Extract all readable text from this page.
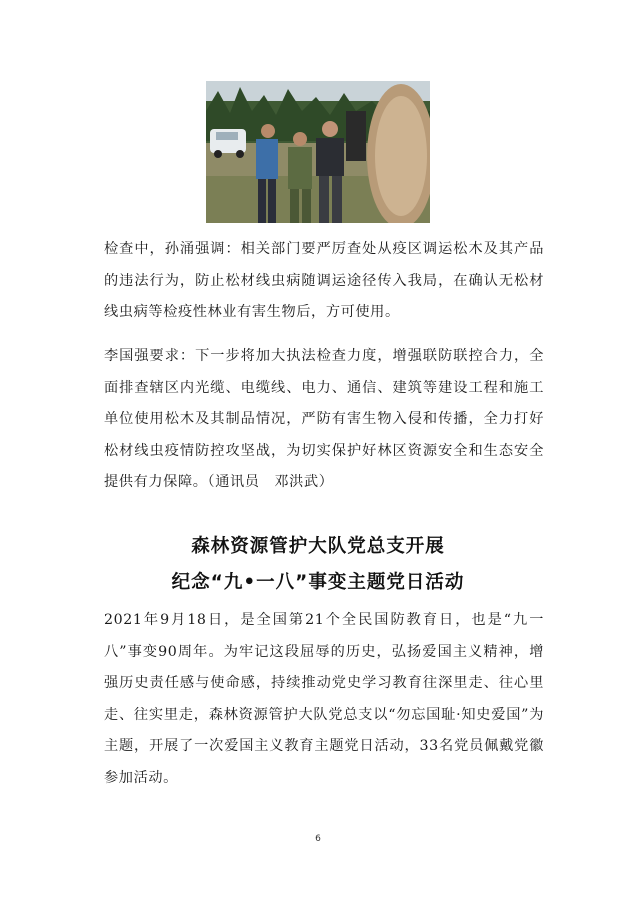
检查中，孙涌强调：相关部门要严厉查处从疫区调运松木及其产品的违法行为，防止松材线虫病随调运途径传入我局，在确认无松材线虫病等检疫性林业有害生物后，方可使用。

李国强要求：下一步将加大执法检查力度，增强联防联控合力，全面排查辖区内光缆、电缆线、电力、通信、建筑等建设工程和施工单位使用松木及其制品情况，严防有害生物入侵和传播，全力打好松材线虫疫情防控攻坚战，为切实保护好林区资源安全和生态安全提供有力保障。（通讯员　邓洪武）

森林资源管护大队党总支开展
纪念“九•一八”事变主题党日活动

2021年9月18日，是全国第21个全民国防教育日，也是“九一八”事变90周年。为牢记这段屈辱的历史，弘扬爱国主义精神，增强历史责任感与使命感，持续推动党史学习教育往深里走、往心里走、往实里走，森林资源管护大队党总支以“勿忘国耻·知史爱国”为主题，开展了一次爱国主义教育主题党日活动，33名党员佩戴党徽参加活动。

6
